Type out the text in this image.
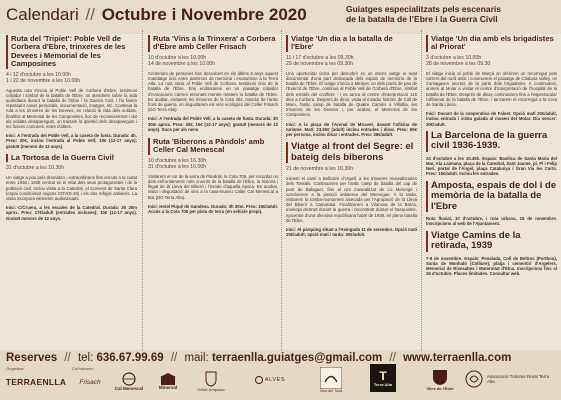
Calendari // Octubre i Novembre 2020	Guiatges especialitzats pels escenaris
de la batalla de l’Ebre i la Guerra Civil
Ruta del 'Tripiet': Poble Vell de Corbera d'Ebre, trinxeres de les Devees i Memorial de les Camposines
4 i 12 d'octubre a les 10.00h
1 i 22 de novembre a les 10.00h
Aquesta ruta s'inicia al Poble Vell de Corbera d'Ebre, testimoni colpidor i símbol de la batalla de l'Ebre, on atendrem sobre la vida quotidiana durant la batalla de l'Ebre i la Guerra Civil. I ho farem repassant casos personals, documentació, imatges, etc. Continua la ruta a les trinxeres de les Devees, en relació la vida dels soldats, finalitza al Memorial de les Camposines, lloc de reconeixement i dol als soldats desapareguts, on tractem la qüestió dels desapareguts i les fosses comunes, entre d'altres.
Inici: A l'entrada del Poble Vell, a la caseta de fusta. Durada: 4h. Preu: 20€, inclou l'entrada al Poble Vell; 10€ (12-17 anys); gratuït (menors de 12 anys).
La Tortosa de la Guerra Civil
31 d'octubre a les 10.30h
Un viatge a pou pels dramàtics i extraordinaris fets viscuts a la ciutat entre 1936 i 1939 centrat en el relat dels seus protagonistes i de la població civil. Inclou visita a la Catedral, el Convent de Santa Clara (espai condicionat segons COVID-19) i els dos refugis antiaeris. La visita incorpora elements audiovisuals.
Inici: C/Cruera, a les escales de la Catedral. Durada: 3h 30m aprox. Preu: 17€/adult (entrades incloses); 10€ (12-17 anys). Gratuït menors de 12 anys.
Ruta 'Vins a la Trinxera' a Corbera d'Ebre amb Celler Frisach
10 d'octubre a les 10.00h
14 de novembre a les 10.00h
Centenars de persones han descobert en els últims 6 anys aquest maridatge únic entre patrimoni de memòria i enoturisme a la Terra Alta. La ruta inicia al Poble Vell de Corbera, testimoni únic de la batalla de l'Ebre. Ens endinsarem en un paisatge colpidor d'evocacions carrers enrunats mentre relatem la batalla de l'Ebre. En acabar, visitarem les trinxeres de la Cota 402, minidor de l'antic front de guerra, on degustarem els vins ecològics del Celler Frisach (DO Terra Alta).
Inici: A l'entrada del Poble Vell, a la caseta de fusta. Durada: 3h 30m aprox. Preu: 20€, 15€ (12-17 anys); gratuït (menors de 12 anys). Sucs per als nens.
Ruta 'Biberons a Pàndols' amb Celler Cal Menescal
10 d'octubre a les 16.30h
31 d'octubre a les 16.00h
Visitarem el cor de la serra de Pàndols, la Cota 705, per recordar un dels enfrontaments més cruents de la batalla de l'Ebre, la història i llegat de la Lleva del Biberó i l'èxode d'aquella època. En acabar, visita i degustació de vins a la casa-museu Celler Cal Menescal a Bot (DO Terra Alta).
Inici: Hotel Piqué de Gandesa. Durada: 3h 30m. Preu: 15€/adult. Accés a la Cota 705 per pista de terra (en vehicle propi).
Viatge 'Un dia a la batalla de l'Ebre'
11 i 17 d'octubre a les 09.30h
29 de novembre a les 09.30h
Una oportunitat única per descobrir en un intens viatge el relat documentat d'una part destacada dels espais de memòria de la batalla de l'Ebre. El viatge s'inicia a Miravet, un dels punts de pas de l'Exèrcit de l'Ebre, continua al Poble Vell de Corbera d'Ebre, símbol dels estralls del conflicte - i es tanca al centre d'interpretació 115 dies a Corbera. Després de dinar, visita al mirador històric de Coll de Moro, l'antic camp de batalla de Quatre Camins a Villalba, les trinxeres de les Devees i, per acabar, el Memorial de les Camposines.
Inici: A la plaça de l'Arenal de Miravet, davant l'oficina de turisme. Matí: 23,50€ (adult) inclou entrades i dinar. Preu: 65€ per persona, inclou dinar i entrades. Preu: 36€/adult.
Viatge al front del Segre: el bateig dels biberons
21 de novembre a les 10.30h
Iniciem el camí a Bellcaire d'Urgell, a les trinxeres musealitzades dels Tossals. Continuarem per l'antic camp de batalla del cap de pont de Balaguer, fins al cim musealitzat de Lo Merengé i concloerem a la posició antiaerea del Merengue. A la tarda, visitarem la tomba-monument aixecada per l'Agrupació de la Lleva del Biberó a Camarasa. Finalitzarem a Vilanova de la Barca, municipi destruït durant la guerra i reconstruït durant el franquisme, epicentre d'una ofensiva republicana l'abril de 1938, en plena batalla de l'Ebre.
Inici: Al pàrquing situat a l'Avinguda 11 de setembre. Opció matí 20€/adult; opció matí i tarda: 30€/adult.
Viatge 'Un dia amb els brigadistes al Priorat'
3 d'octubre a les 10.00h
28 de novembre a les 09.30
El viatge inicia al poble de Marçà on oferirem un recorregut pels carrers del nucli antic i coneixerem el paisatge de Chabola Valley, on s'amagaven secrets de la parte dels brigadistes. A continuació, anirem al Molar a visitar el centre d'interpretació de l'hospital de la batalla de l'Ebre. Després de dinar, continuarem fins a l'espectacular l'ofibrenat de la batalla de l'Ebre, i tancarem el recorregut a la cova de Santa Llúcia.
Inici: Davant de la cooperativa de Falset. Opció matí 20€/adult, inclou entrada i visita guiada al museu del Molar. Dia sencer: 30€/adult.
La Barcelona de la guerra civil 1936-1939.
24 d'octubre a les 10.45h. Espais: Basílica de Santa Maria del Mar, Ala Laietana, plaça de la Catedral, Sant Jaume, pl. Pi i Felip Neri, portal de l'Àngel, plaça Catalunya i Gran Via les Corts. Preu: 15€/adult. Inclou les entrades.
Amposta, espais de dol i de memòria de la batalla de l'Ebre
Ruta fluvial, 10 d'octubre, i ruta urbana, 15 de novembre. Inscripcions al web de l'Ajuntament.
Viatge Camins de la retirada, 1939
7-8 de novembre. Espais: Penalada, Coll de Beltros (Portbou), Santa de Monhaló (Colliure), platja i cementiri d'Argelers, Memorial de Rivesaltes i Maternitat d'Elna. Inscripcions fins al 26 d'octubre. Places limitades. Consultar web.
Reserves // tel: 636.67.99.69 // mail: terraenlla.guiatges@gmail.com // www.terraenlla.com
Organitza:	Col·laboren:
TERRAENLLA Frisach
Cal Menescal	Minerval	Celler Amposta
ALVES
Vins del Tous
T
Terra Alta
Viles de l'Ebre
Associació Turisme Rural Terra Alta
